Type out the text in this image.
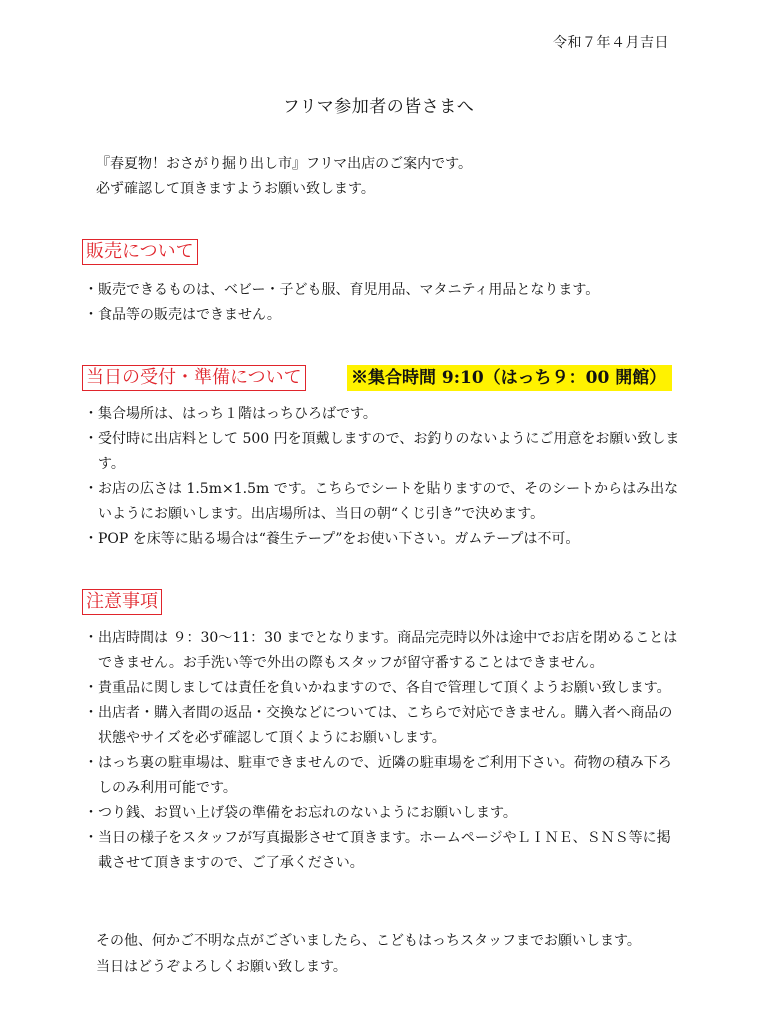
令和７年４月吉日
フリマ参加者の皆さまへ
『春夏物！おさがり掘り出し市』フリマ出店のご案内です。
必ず確認して頂きますようお願い致します。
販売について
・ 販売できるものは、ベビー・子ども服、育児用品、マタニティ用品となります。
・ 食品等の販売はできません。
当日の受付・準備について	※集合時間 9:10（はっち９：00 開館）
・ 集合場所は、はっち１階はっちひろばです。
・ 受付時に出店料として 500 円を頂戴しますので、お釣りのないようにご用意をお願い致します。
・ お店の広さは 1.5m×1.5m です。こちらでシートを貼りますので、そのシートからはみ出ないようにお願いします。出店場所は、当日の朝“くじ引き”で決めます。
・ POP を床等に貼る場合は“養生テープ”をお使い下さい。ガムテープは不可。
注意事項
・ 出店時間は ９：30〜11：30 までとなります。商品完売時以外は途中でお店を閉めることはできません。お手洗い等で外出の際もスタッフが留守番することはできません。
・ 貴重品に関しましては責任を負いかねますので、各自で管理して頂くようお願い致します。
・ 出店者・購入者間の返品・交換などについては、こちらで対応できません。購入者へ商品の状態やサイズを必ず確認して頂くようにお願いします。
・ はっち裏の駐車場は、駐車できませんので、近隣の駐車場をご利用下さい。荷物の積み下ろしのみ利用可能です。
・ つり銭、お買い上げ袋の準備をお忘れのないようにお願いします。
・ 当日の様子をスタッフが写真撮影させて頂きます。ホームページやＬＩＮＥ、ＳＮＳ等に掲載させて頂きますので、ご了承ください。
その他、何かご不明な点がございましたら、こどもはっちスタッフまでお願いします。
当日はどうぞよろしくお願い致します。
